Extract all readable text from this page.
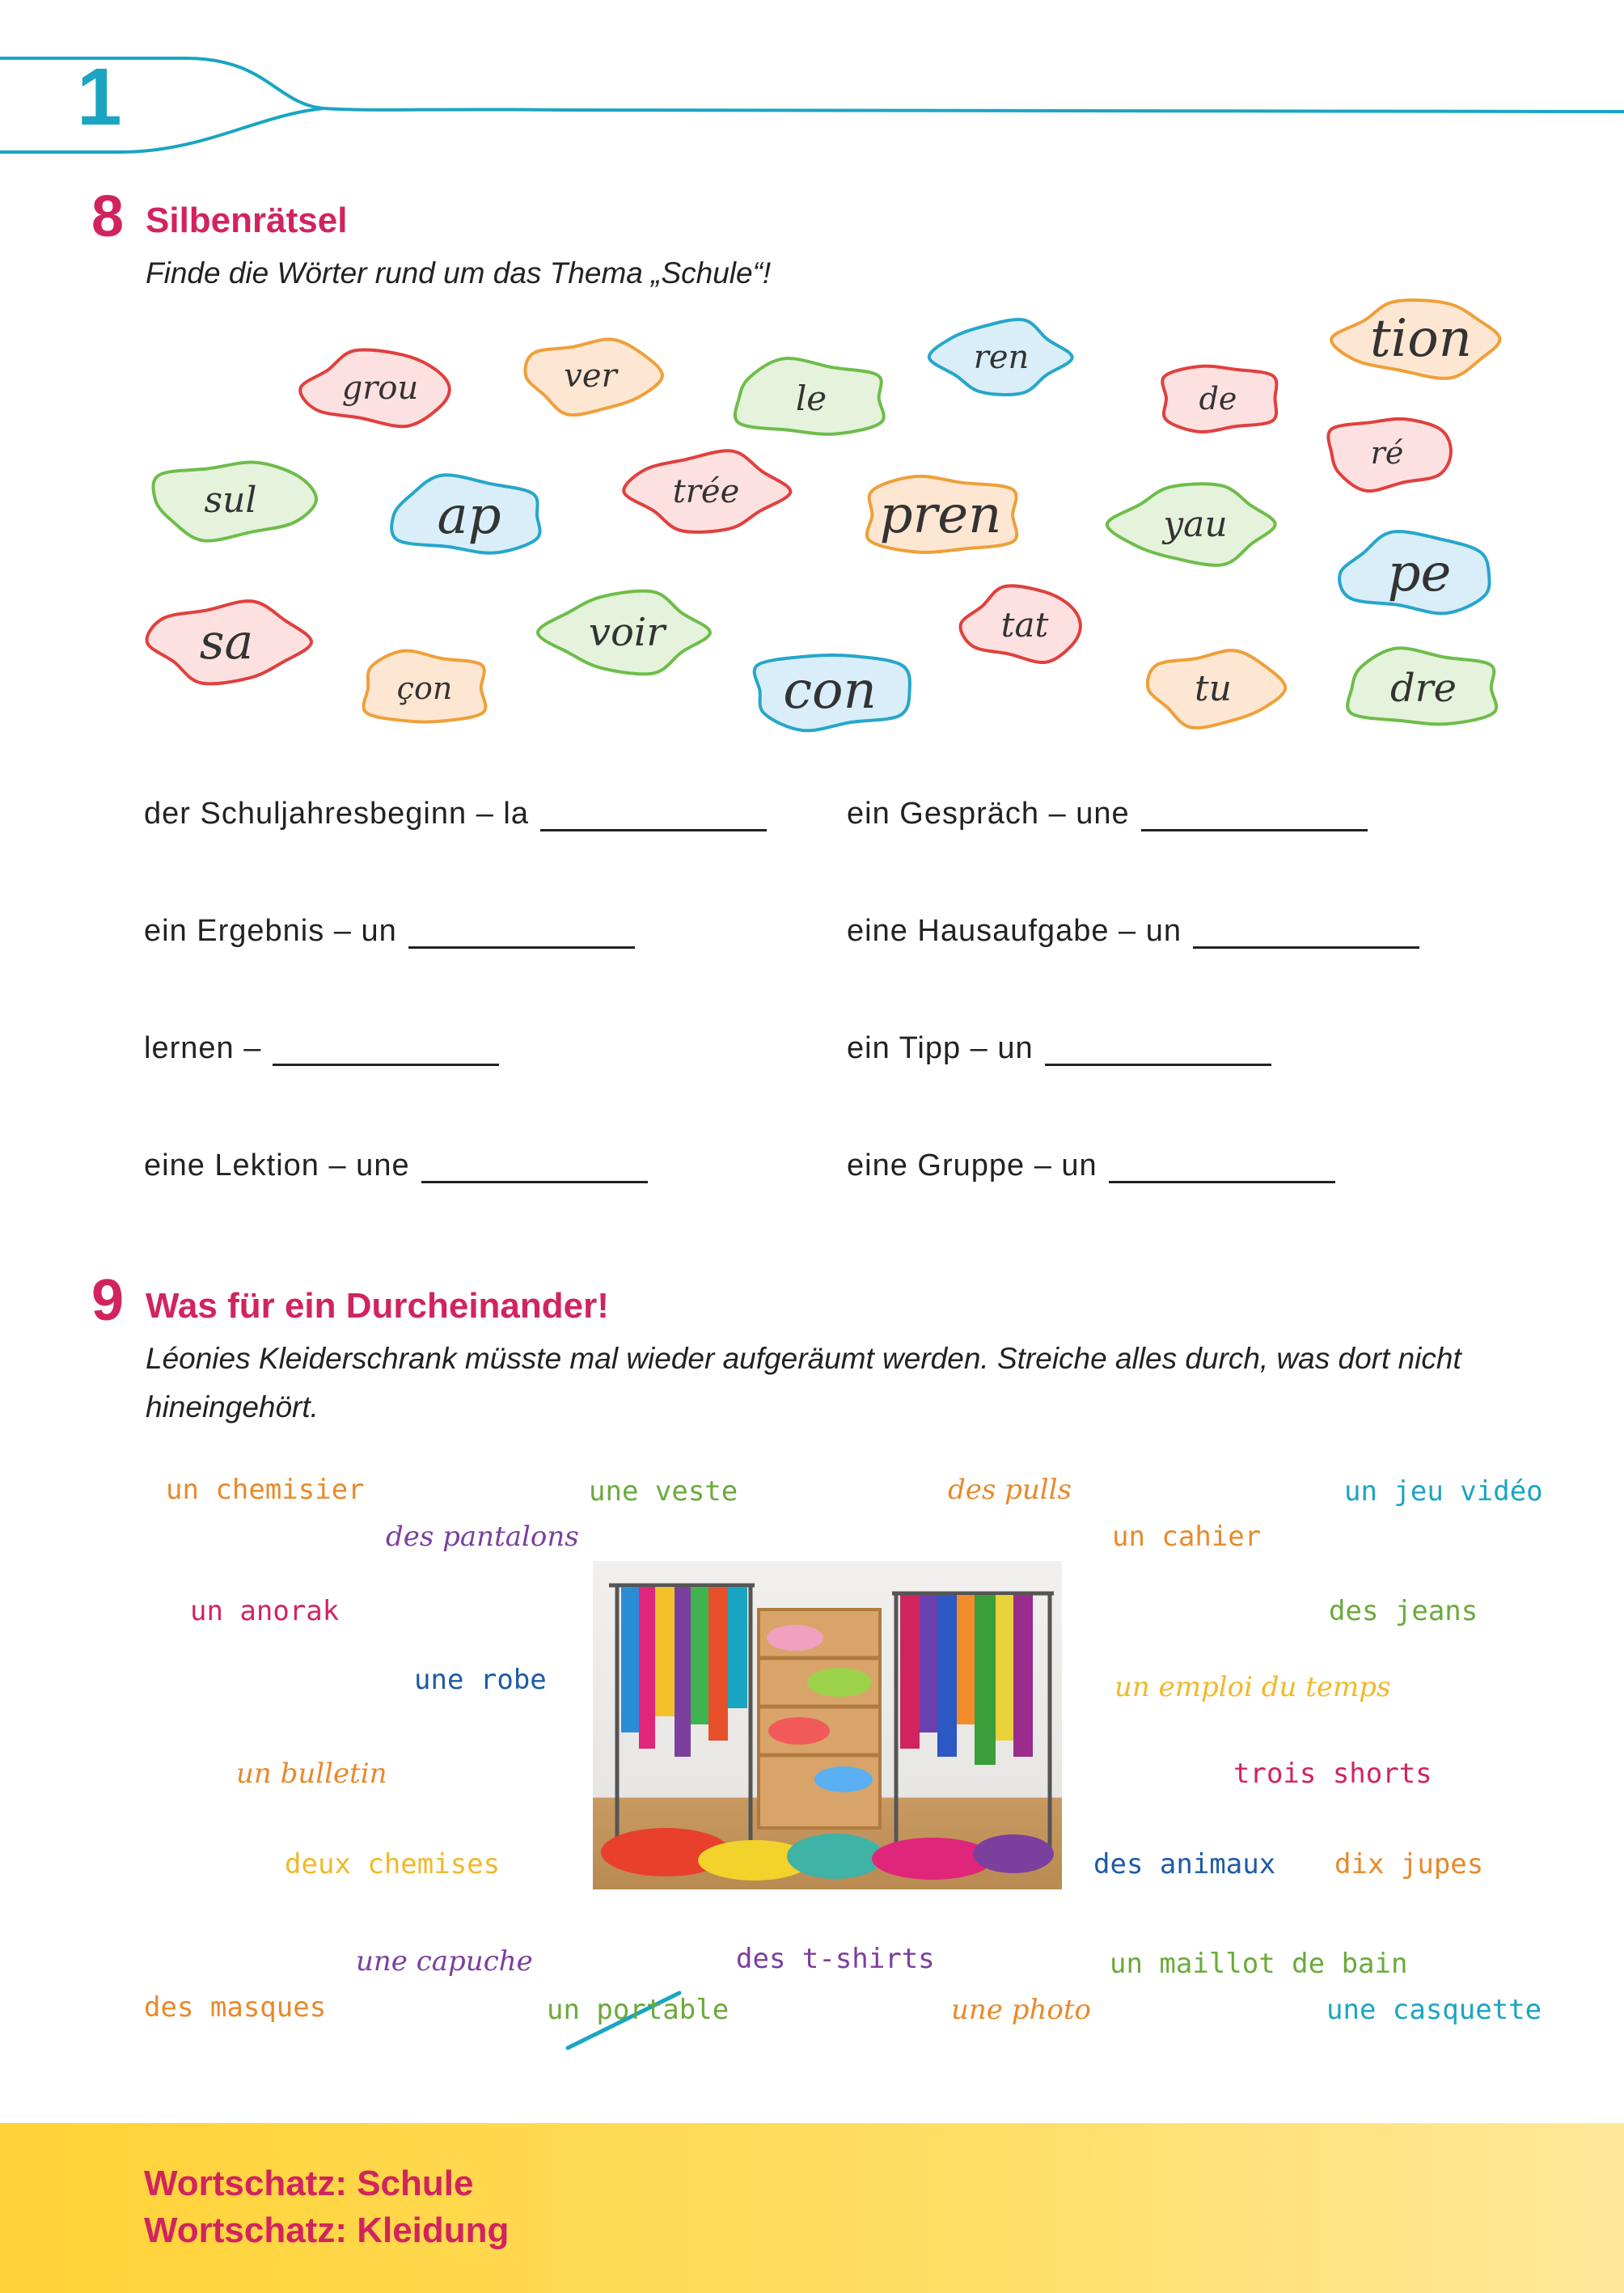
1
8 Silbenrätsel
Finde die Wörter rund um das Thema „Schule“!
grou	ver
le
ren
de
tion
sul	ap	trée	pren	yau
ré
pe
sa
çon
voir
con
tat
tu	dre
der Schuljahresbeginn – la	ein Gespräch – une
ein Ergebnis – un	eine Hausaufgabe – un
lernen –	ein Tipp – un
eine Lektion – une	eine Gruppe – un
9 Was für ein Durcheinander!
Léonies Kleiderschrank müsste mal wieder aufgeräumt werden. Streiche alles durch, was dort nicht hineingehört.
un chemisier	une veste	des pulls	un jeu vidéo
des pantalons	un cahier
un anorak	des jeans
une robe	un emploi du temps
un bulletin	trois shorts
deux chemises	des animaux dix jupes
une capuche	des t-shirts	un maillot de bain
des masques	un portable	une photo	une casquette
Wortschatz: Schule
Wortschatz: Kleidung
